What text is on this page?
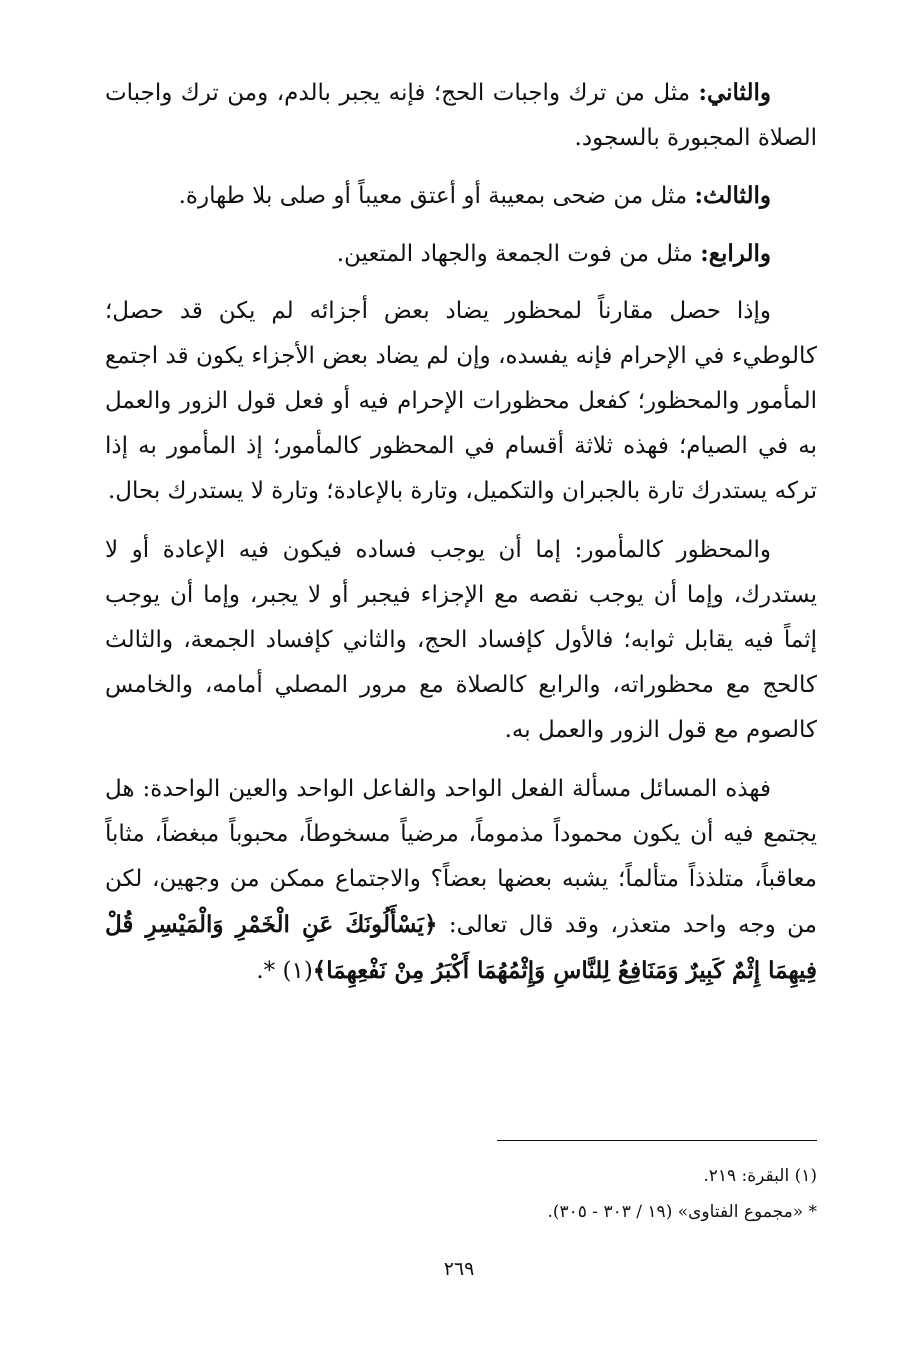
والثاني: مثل من ترك واجبات الحج؛ فإنه يجبر بالدم، ومن ترك واجبات الصلاة المجبورة بالسجود.

والثالث: مثل من ضحى بمعيبة أو أعتق معيباً أو صلى بلا طهارة.

والرابع: مثل من فوت الجمعة والجهاد المتعين.

وإذا حصل مقارناً لمحظور يضاد بعض أجزائه لم يكن قد حصل؛ كالوطيء في الإحرام فإنه يفسده، وإن لم يضاد بعض الأجزاء يكون قد اجتمع المأمور والمحظور؛ كفعل محظورات الإحرام فيه أو فعل قول الزور والعمل به في الصيام؛ فهذه ثلاثة أقسام في المحظور كالمأمور؛ إذ المأمور به إذا تركه يستدرك تارة بالجبران والتكميل، وتارة بالإعادة؛ وتارة لا يستدرك بحال.

والمحظور كالمأمور: إما أن يوجب فساده فيكون فيه الإعادة أو لا يستدرك، وإما أن يوجب نقصه مع الإجزاء فيجبر أو لا يجبر، وإما أن يوجب إثماً فيه يقابل ثوابه؛ فالأول كإفساد الحج، والثاني كإفساد الجمعة، والثالث كالحج مع محظوراته، والرابع كالصلاة مع مرور المصلي أمامه، والخامس كالصوم مع قول الزور والعمل به.

فهذه المسائل مسألة الفعل الواحد والفاعل الواحد والعين الواحدة: هل يجتمع فيه أن يكون محموداً مذموماً، مرضياً مسخوطاً، محبوباً مبغضاً، مثاباً معاقباً، متلذذاً متألماً؛ يشبه بعضها بعضاً؟ والاجتماع ممكن من وجهين، لكن من وجه واحد متعذر، وقد قال تعالى: ﴿يَسْأَلُونَكَ عَنِ الْخَمْرِ وَالْمَيْسِرِ قُلْ فِيهِمَا إِثْمٌ كَبِيرٌ وَمَنَافِعُ لِلنَّاسِ وَإِثْمُهُمَا أَكْبَرُ مِنْ نَفْعِهِمَا﴾(١) *.

(١) البقرة: ٢١٩.

* «مجموع الفتاوى» (١٩ / ٣٠٣ - ٣٠٥).

٢٦٩
